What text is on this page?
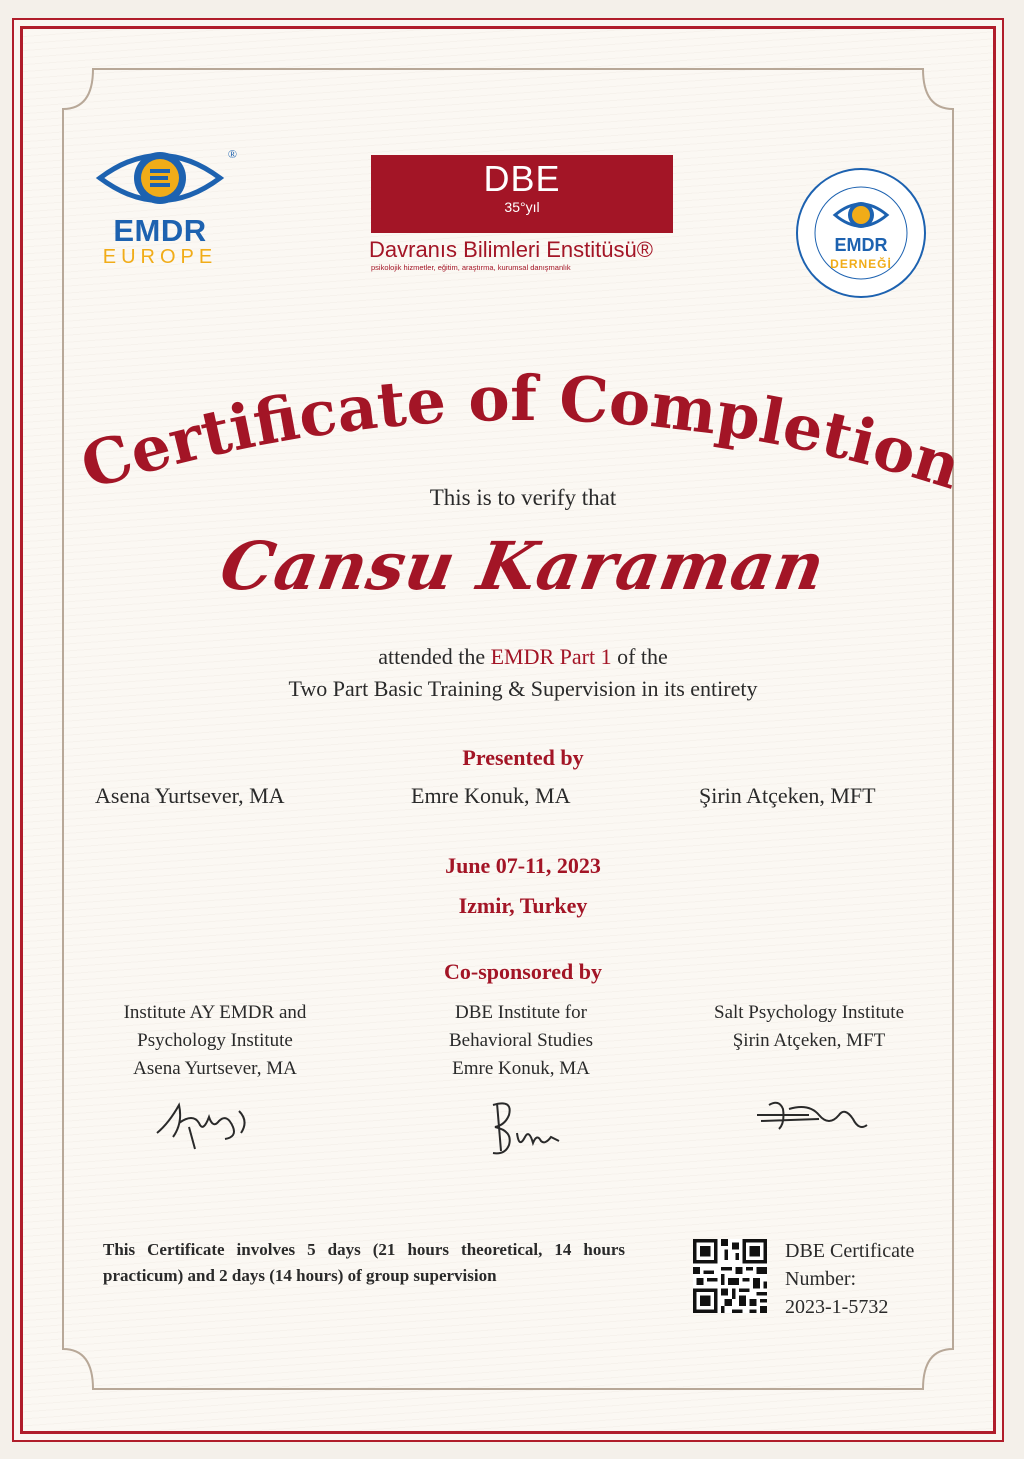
®
EMDR
EUROPE
DBE
35°yıl
Davranıs Bilimleri Enstitüsü®
psikolojik hizmetler, eğitim, araştırma, kurumsal danışmanlık
EMDR
DERNEĞİ
Certificate of Completion
This is to verify that
Cansu Karaman
attended the EMDR Part 1 of the
Two Part Basic Training & Supervision in its entirety
Presented by
Asena Yurtsever, MA	Emre Konuk, MA	Şirin Atçeken, MFT
June 07-11, 2023
Izmir, Turkey
Co-sponsored by
Institute AY EMDR and
Psychology Institute
Asena Yurtsever, MA
DBE Institute for
Behavioral Studies
Emre Konuk, MA
Salt Psychology Institute
Şirin Atçeken, MFT
This Certificate involves 5 days (21 hours theoretical, 14 hours practicum) and 2 days (14 hours) of group supervision
DBE Certificate
Number:
2023-1-5732
